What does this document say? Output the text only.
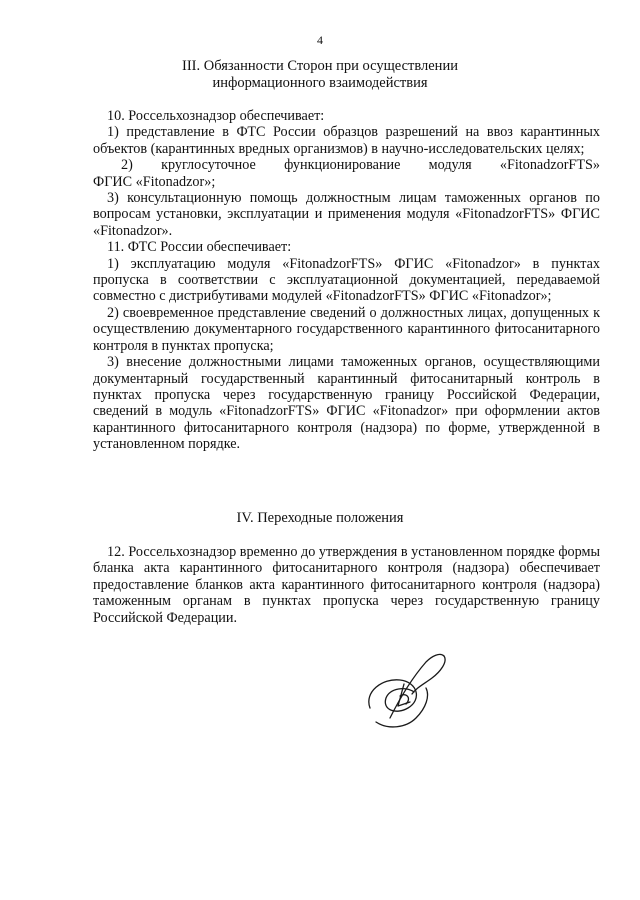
4
III. Обязанности Сторон при осуществлении
информационного взаимодействия

10. Россельхознадзор обеспечивает:

1) представление в ФТС России образцов разрешений на ввоз карантинных объектов (карантинных вредных организмов) в научно-исследовательских целях;

2)	круглосуточное	функционирование	модуля	«FitonadzorFTS»

ФГИС «Fitonadzor»;

3) консультационную помощь должностным лицам таможенных органов по вопросам установки, эксплуатации и применения модуля «FitonadzorFTS» ФГИС «Fitonadzor».

11. ФТС России обеспечивает:

1) эксплуатацию модуля «FitonadzorFTS» ФГИС «Fitonadzor» в пунктах пропуска в соответствии с эксплуатационной документацией, передаваемой совместно с дистрибутивами модулей «FitonadzorFTS» ФГИС «Fitonadzor»;

2) своевременное представление сведений о должностных лицах, допущенных к осуществлению документарного государственного карантинного фитосанитарного контроля в пунктах пропуска;

3) внесение должностными лицами таможенных органов, осуществляющими документарный государственный карантинный фитосанитарный контроль в пунктах пропуска через государственную границу Российской Федерации, сведений в модуль «FitonadzorFTS» ФГИС «Fitonadzor» при оформлении актов карантинного фитосанитарного контроля (надзора) по форме, утвержденной в установленном порядке.

IV. Переходные положения

12. Россельхознадзор временно до утверждения в установленном порядке формы бланка акта карантинного фитосанитарного контроля (надзора) обеспечивает предоставление бланков акта карантинного фитосанитарного контроля (надзора) таможенным органам в пунктах пропуска через государственную границу Российской Федерации.
